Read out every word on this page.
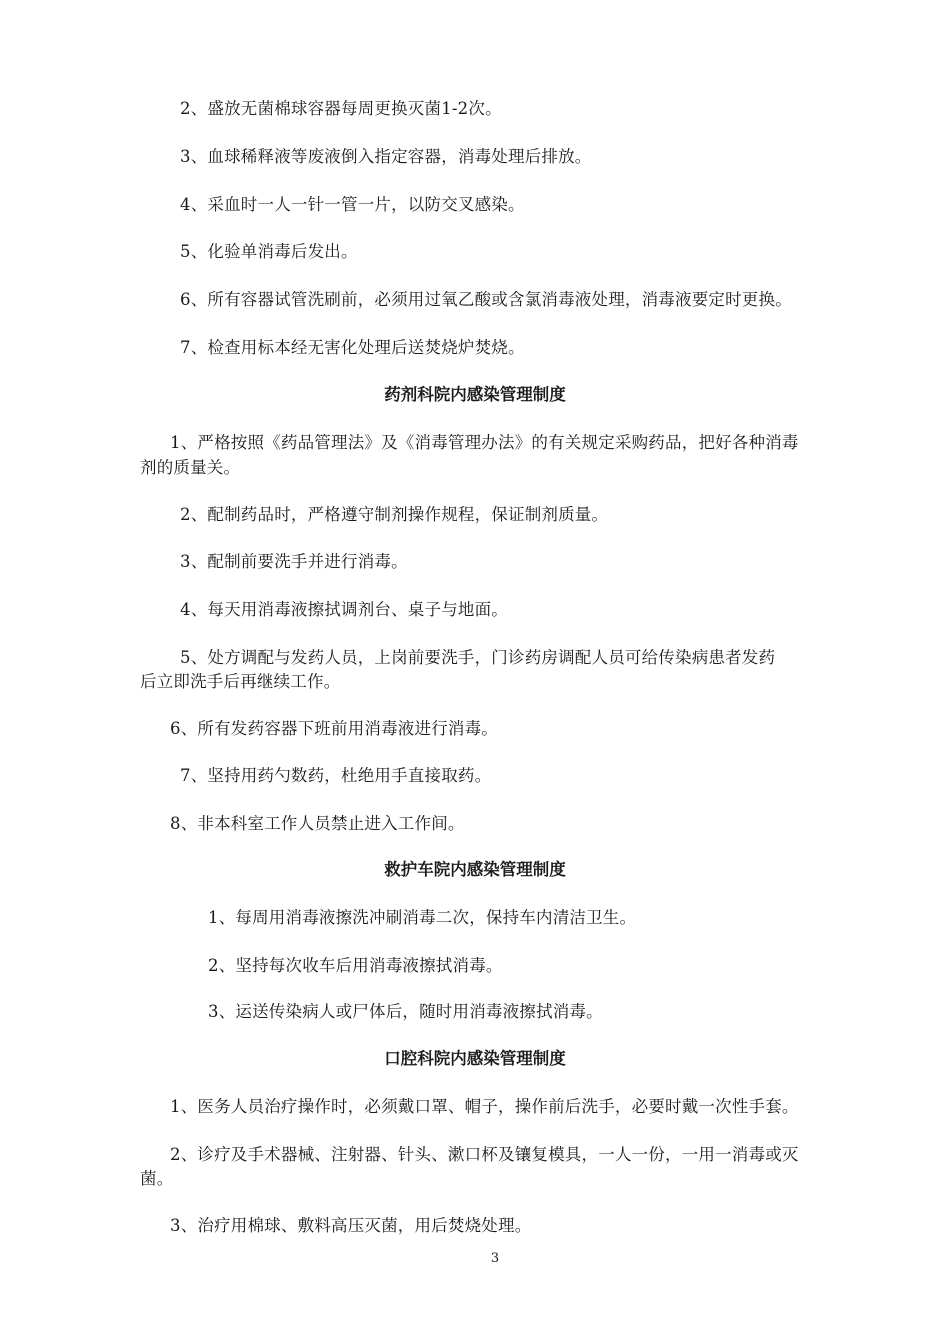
2、盛放无菌棉球容器每周更换灭菌1-2次。
3、血球稀释液等废液倒入指定容器，消毒处理后排放。
4、采血时一人一针一管一片，以防交叉感染。
5、化验单消毒后发出。
6、所有容器试管洗刷前，必须用过氧乙酸或含氯消毒液处理，消毒液要定时更换。
7、检查用标本经无害化处理后送焚烧炉焚烧。
药剂科院内感染管理制度
1、严格按照《药品管理法》及《消毒管理办法》的有关规定采购药品，把好各种消毒
剂的质量关。
2、配制药品时，严格遵守制剂操作规程，保证制剂质量。
3、配制前要洗手并进行消毒。
4、每天用消毒液擦拭调剂台、桌子与地面。
5、处方调配与发药人员，上岗前要洗手，门诊药房调配人员可给传染病患者发药
后立即洗手后再继续工作。
6、所有发药容器下班前用消毒液进行消毒。
7、坚持用药勺数药，杜绝用手直接取药。
8、非本科室工作人员禁止进入工作间。
救护车院内感染管理制度
1、每周用消毒液擦洗冲刷消毒二次，保持车内清洁卫生。
2、坚持每次收车后用消毒液擦拭消毒。
3、运送传染病人或尸体后，随时用消毒液擦拭消毒。
口腔科院内感染管理制度
1、医务人员治疗操作时，必须戴口罩、帽子，操作前后洗手，必要时戴一次性手套。
2、诊疗及手术器械、注射器、针头、漱口杯及镶复模具，一人一份，一用一消毒或灭
菌。
3、治疗用棉球、敷料高压灭菌，用后焚烧处理。
3
